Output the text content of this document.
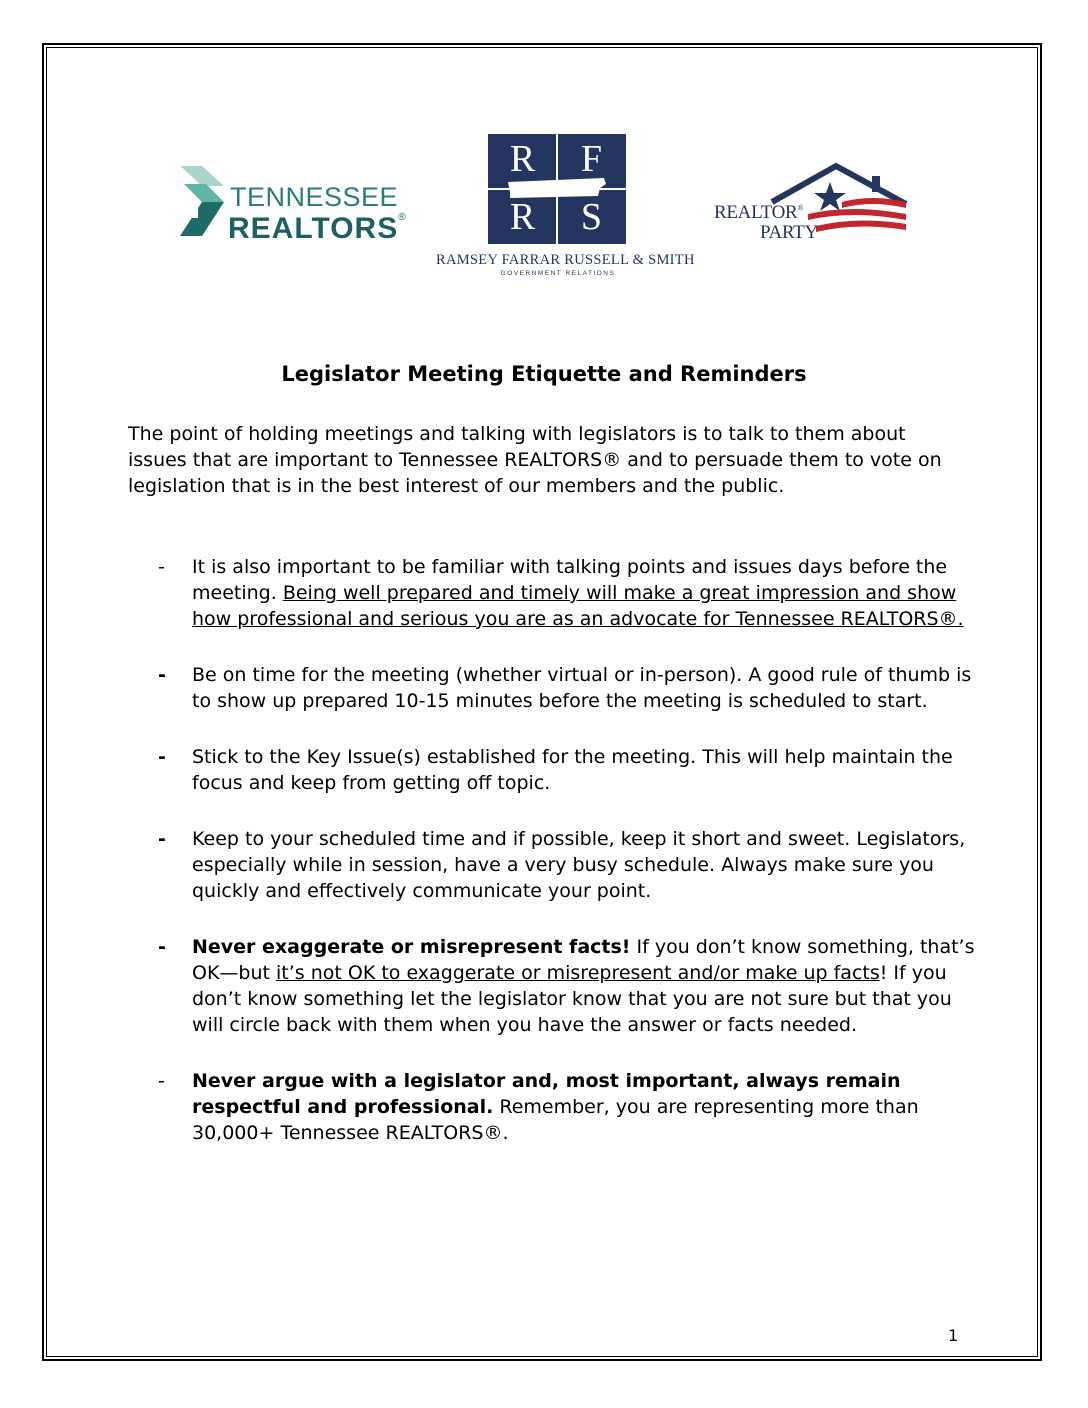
TENNESSEE
REALTORS®
R	F
R	S
RAMSEY FARRAR RUSSELL & SMITH
GOVERNMENT RELATIONS
REALTOR®
PARTY
Legislator Meeting Etiquette and Reminders
The point of holding meetings and talking with legislators is to talk to them about issues that are important to Tennessee REALTORS® and to persuade them to vote on legislation that is in the best interest of our members and the public.
- It is also important to be familiar with talking points and issues days before the meeting. Being well prepared and timely will make a great impression and show how professional and serious you are as an advocate for Tennessee REALTORS®.
- Be on time for the meeting (whether virtual or in-person). A good rule of thumb is to show up prepared 10-15 minutes before the meeting is scheduled to start.
- Stick to the Key Issue(s) established for the meeting. This will help maintain the focus and keep from getting off topic.
- Keep to your scheduled time and if possible, keep it short and sweet. Legislators, especially while in session, have a very busy schedule. Always make sure you quickly and effectively communicate your point.
- Never exaggerate or misrepresent facts! If you don’t know something, that’s OK—but it’s not OK to exaggerate or misrepresent and/or make up facts! If you don’t know something let the legislator know that you are not sure but that you will circle back with them when you have the answer or facts needed.
- Never argue with a legislator and, most important, always remain respectful and professional. Remember, you are representing more than 30,000+ Tennessee REALTORS®.
1
